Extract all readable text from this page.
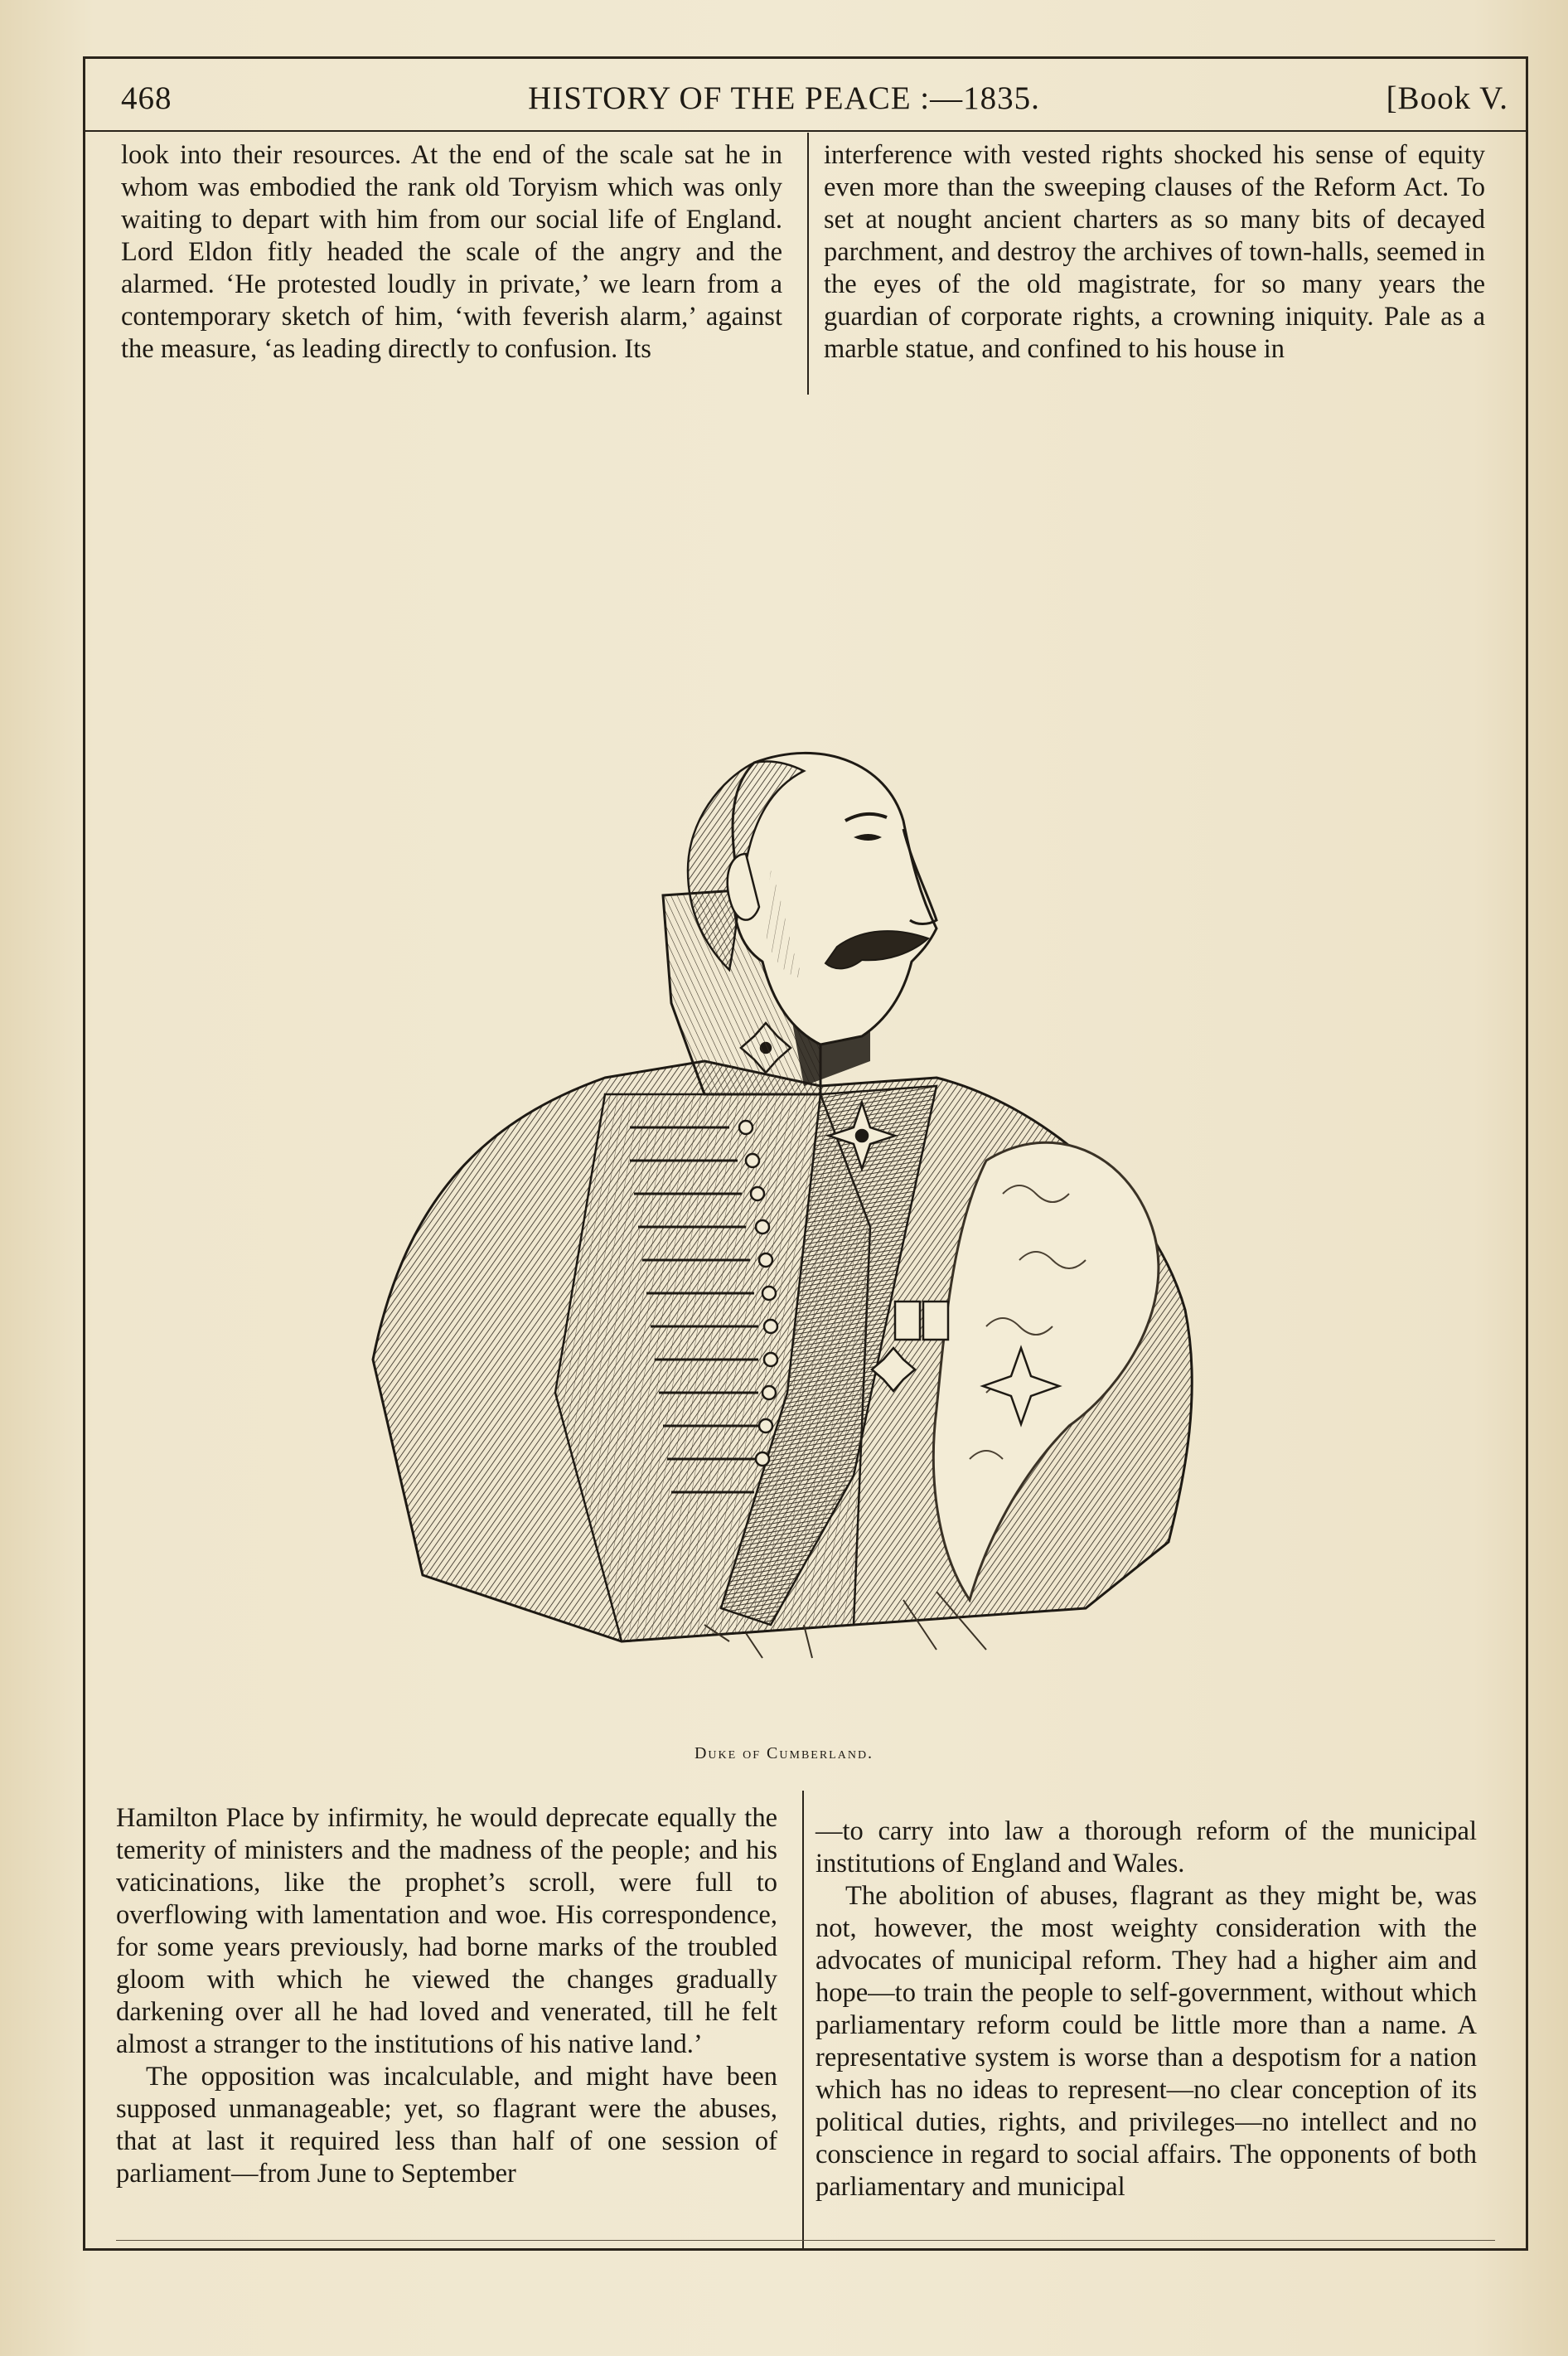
HISTORY OF THE PEACE :—1835.
468	[Book V.

look into their resources. At the end of the scale sat he in whom was embodied the rank old Toryism which was only waiting to depart with him from our social life of England. Lord Eldon fitly headed the scale of the angry and the alarmed. ‘He protested loudly in private,’ we learn from a contemporary sketch of him, ‘with feverish alarm,’ against the measure, ‘as leading directly to confusion. Its

interference with vested rights shocked his sense of equity even more than the sweeping clauses of the Reform Act. To set at nought ancient charters as so many bits of decayed parchment, and destroy the archives of town-halls, seemed in the eyes of the old magistrate, for so many years the guardian of corporate rights, a crowning iniquity. Pale as a marble statue, and confined to his house in

Duke of Cumberland.

Hamilton Place by infirmity, he would deprecate equally the temerity of ministers and the madness of the people; and his vaticinations, like the prophet’s scroll, were full to overflowing with lamentation and woe. His correspondence, for some years previously, had borne marks of the troubled gloom with which he viewed the changes gradually darkening over all he had loved and venerated, till he felt almost a stranger to the institutions of his native land.’

The opposition was incalculable, and might have been supposed unmanageable; yet, so flagrant were the abuses, that at last it required less than half of one session of parliament—from June to September

—to carry into law a thorough reform of the municipal institutions of England and Wales.

The abolition of abuses, flagrant as they might be, was not, however, the most weighty consideration with the advocates of municipal reform. They had a higher aim and hope—to train the people to self-government, without which parliamentary reform could be little more than a name. A representative system is worse than a despotism for a nation which has no ideas to represent—no clear conception of its political duties, rights, and privileges—no intellect and no conscience in regard to social affairs. The opponents of both parliamentary and municipal
